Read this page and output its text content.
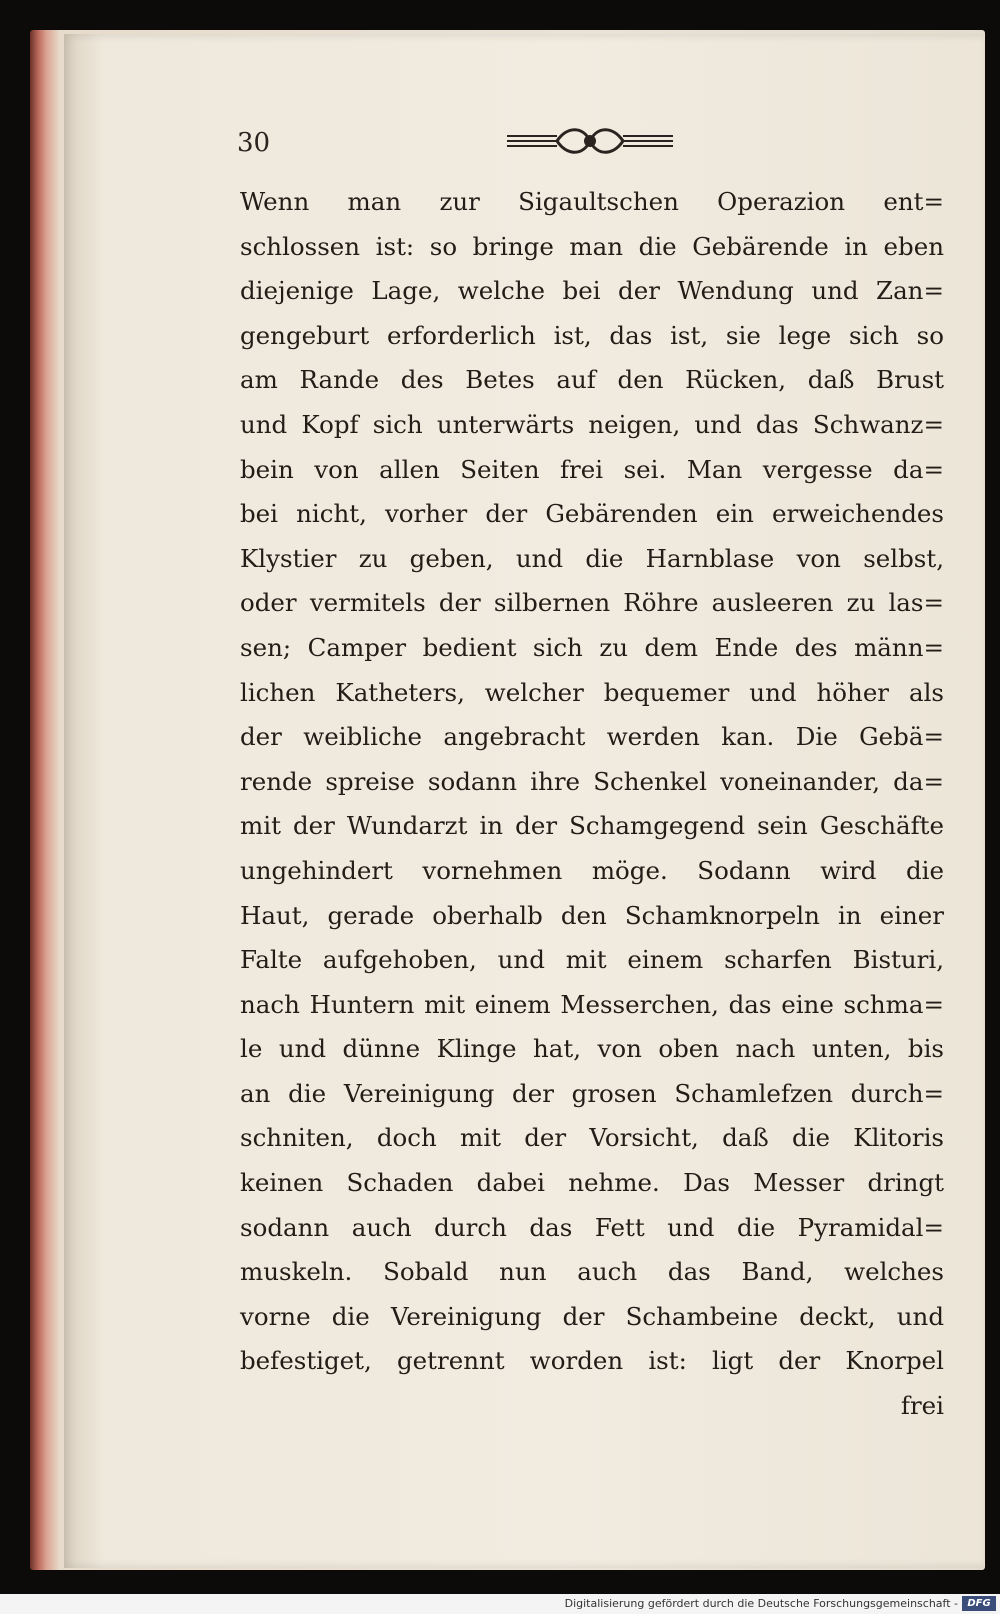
30
Wenn man zur Sigaultschen Operazion ent=
schlossen ist: so bringe man die Gebärende in eben
diejenige Lage, welche bei der Wendung und Zan=
gengeburt erforderlich ist, das ist, sie lege sich so
am Rande des Betes auf den Rücken, daß Brust
und Kopf sich unterwärts neigen, und das Schwanz=
bein von allen Seiten frei sei. Man vergesse da=
bei nicht, vorher der Gebärenden ein erweichendes
Klystier zu geben, und die Harnblase von selbst,
oder vermitels der silbernen Röhre ausleeren zu las=
sen; Camper bedient sich zu dem Ende des männ=
lichen Katheters, welcher bequemer und höher als
der weibliche angebracht werden kan. Die Gebä=
rende spreise sodann ihre Schenkel voneinander, da=
mit der Wundarzt in der Schamgegend sein Geschäfte
ungehindert vornehmen möge. Sodann wird die
Haut, gerade oberhalb den Schamknorpeln in einer
Falte aufgehoben, und mit einem scharfen Bisturi,
nach Huntern mit einem Messerchen, das eine schma=
le und dünne Klinge hat, von oben nach unten, bis
an die Vereinigung der grosen Schamlefzen durch=
schniten, doch mit der Vorsicht, daß die Klitoris
keinen Schaden dabei nehme. Das Messer dringt
sodann auch durch das Fett und die Pyramidal=
muskeln. Sobald nun auch das Band, welches
vorne die Vereinigung der Schambeine deckt, und
befestiget, getrennt worden ist: ligt der Knorpel
frei
Digitalisierung gefördert durch die Deutsche Forschungsgemeinschaft - DFG
